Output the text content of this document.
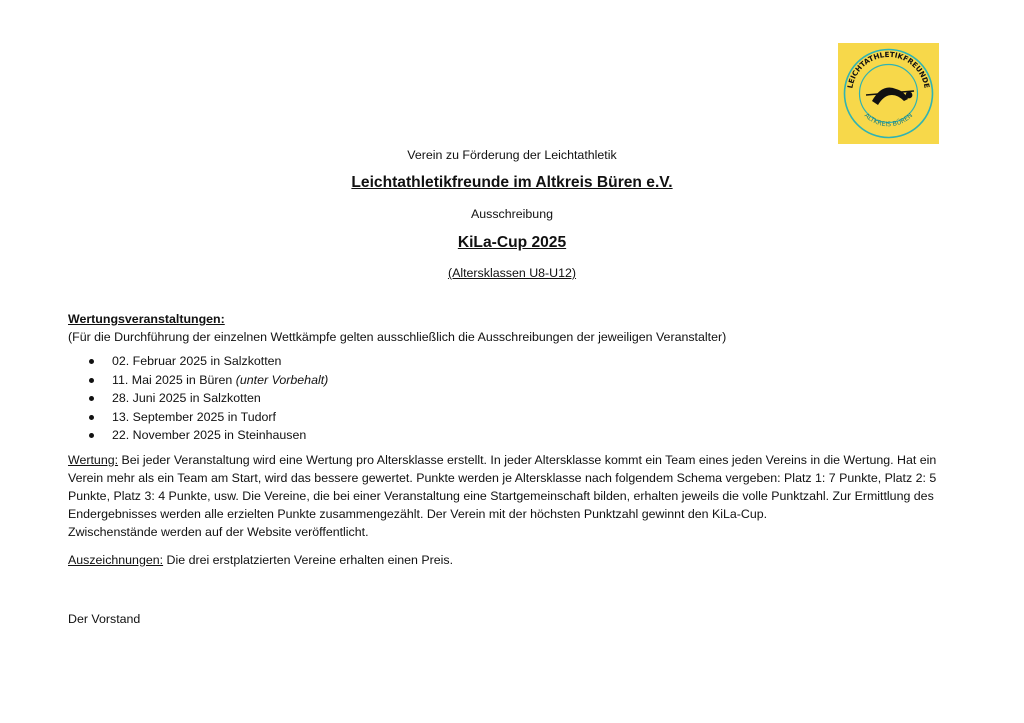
LEICHTATHLETIKFREUNDE
ALTKREIS BÜREN
Verein zu Förderung der Leichtathletik
Leichtathletikfreunde im Altkreis Büren e.V.
Ausschreibung
KiLa-Cup 2025
(Altersklassen U8-U12)
Wertungsveranstaltungen:
(Für die Durchführung der einzelnen Wettkämpfe gelten ausschließlich die Ausschreibungen der jeweiligen Veranstalter)
02. Februar 2025 in Salzkotten
11. Mai 2025 in Büren (unter Vorbehalt)
28. Juni 2025 in Salzkotten
13. September 2025 in Tudorf
22. November 2025 in Steinhausen

Wertung: Bei jeder Veranstaltung wird eine Wertung pro Altersklasse erstellt. In jeder Altersklasse kommt ein Team eines jeden Vereins in die Wertung. Hat ein Verein mehr als ein Team am Start, wird das bessere gewertet. Punkte werden je Altersklasse nach folgendem Schema vergeben: Platz 1: 7 Punkte, Platz 2: 5 Punkte, Platz 3: 4 Punkte, usw. Die Vereine, die bei einer Veranstaltung eine Startgemeinschaft bilden, erhalten jeweils die volle Punktzahl. Zur Ermittlung des Endergebnisses werden alle erzielten Punkte zusammengezählt. Der Verein mit der höchsten Punktzahl gewinnt den KiLa-Cup.

Zwischenstände werden auf der Website veröffentlicht.

Auszeichnungen: Die drei erstplatzierten Vereine erhalten einen Preis.

Der Vorstand
